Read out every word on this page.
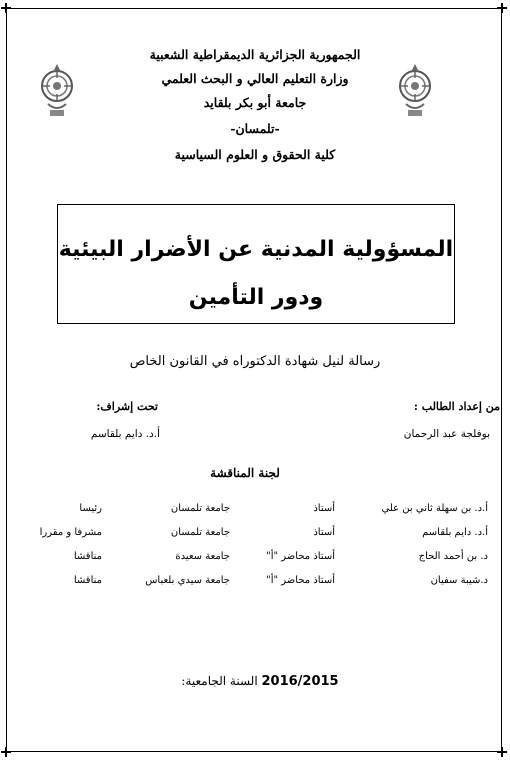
الجمهورية الجزائرية الديمقراطية الشعبية
وزارة التعليم العالي و البحث العلمي
جامعة أبو بكر بلقايد
-تلمسان-
كلية الحقوق و العلوم السياسية
المسؤولية المدنية عن الأضرار البيئية
ودور التأمين
رسالة لنيل شهادة الدكتوراه في القانون الخاص
من إعداد الطالب :
بوفلجة عبد الرحمان
تحت إشراف:
أ.د. دايم بلقاسم
لجنة المناقشة
أ.د. بن سهلة ثاني بن علي
أستاذ
جامعة تلمسان
رئيسا
أ.د. دايم بلقاسم
أستاذ
جامعة تلمسان
مشرفا و مقررا
د. بن أحمد الحاج
أستاذ محاضر "أ"
جامعة سعيدة
مناقشا
د.شيبة سفيان
أستاذ محاضر "أ"
جامعة سيدي بلعباس
مناقشا
السنة الجامعية: 2016/2015
